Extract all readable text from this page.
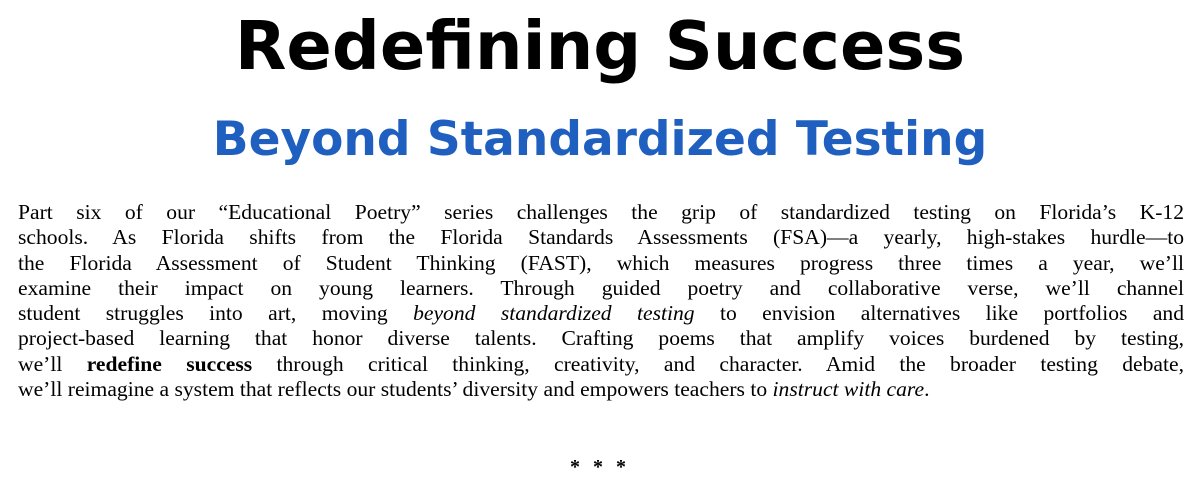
Redefining Success
Beyond Standardized Testing
Part six of our “Educational Poetry” series challenges the grip of standardized testing on Florida’s K-12
schools. As Florida shifts from the Florida Standards Assessments (FSA)—a yearly, high-stakes hurdle—to
the Florida Assessment of Student Thinking (FAST), which measures progress three times a year, we’ll
examine their impact on young learners. Through guided poetry and collaborative verse, we’ll channel
student struggles into art, moving beyond standardized testing to envision alternatives like portfolios and
project-based learning that honor diverse talents. Crafting poems that amplify voices burdened by testing,
we’ll redefine success through critical thinking, creativity, and character. Amid the broader testing debate,
we’ll reimagine a system that reflects our students’ diversity and empowers teachers to instruct with care.
* * *
